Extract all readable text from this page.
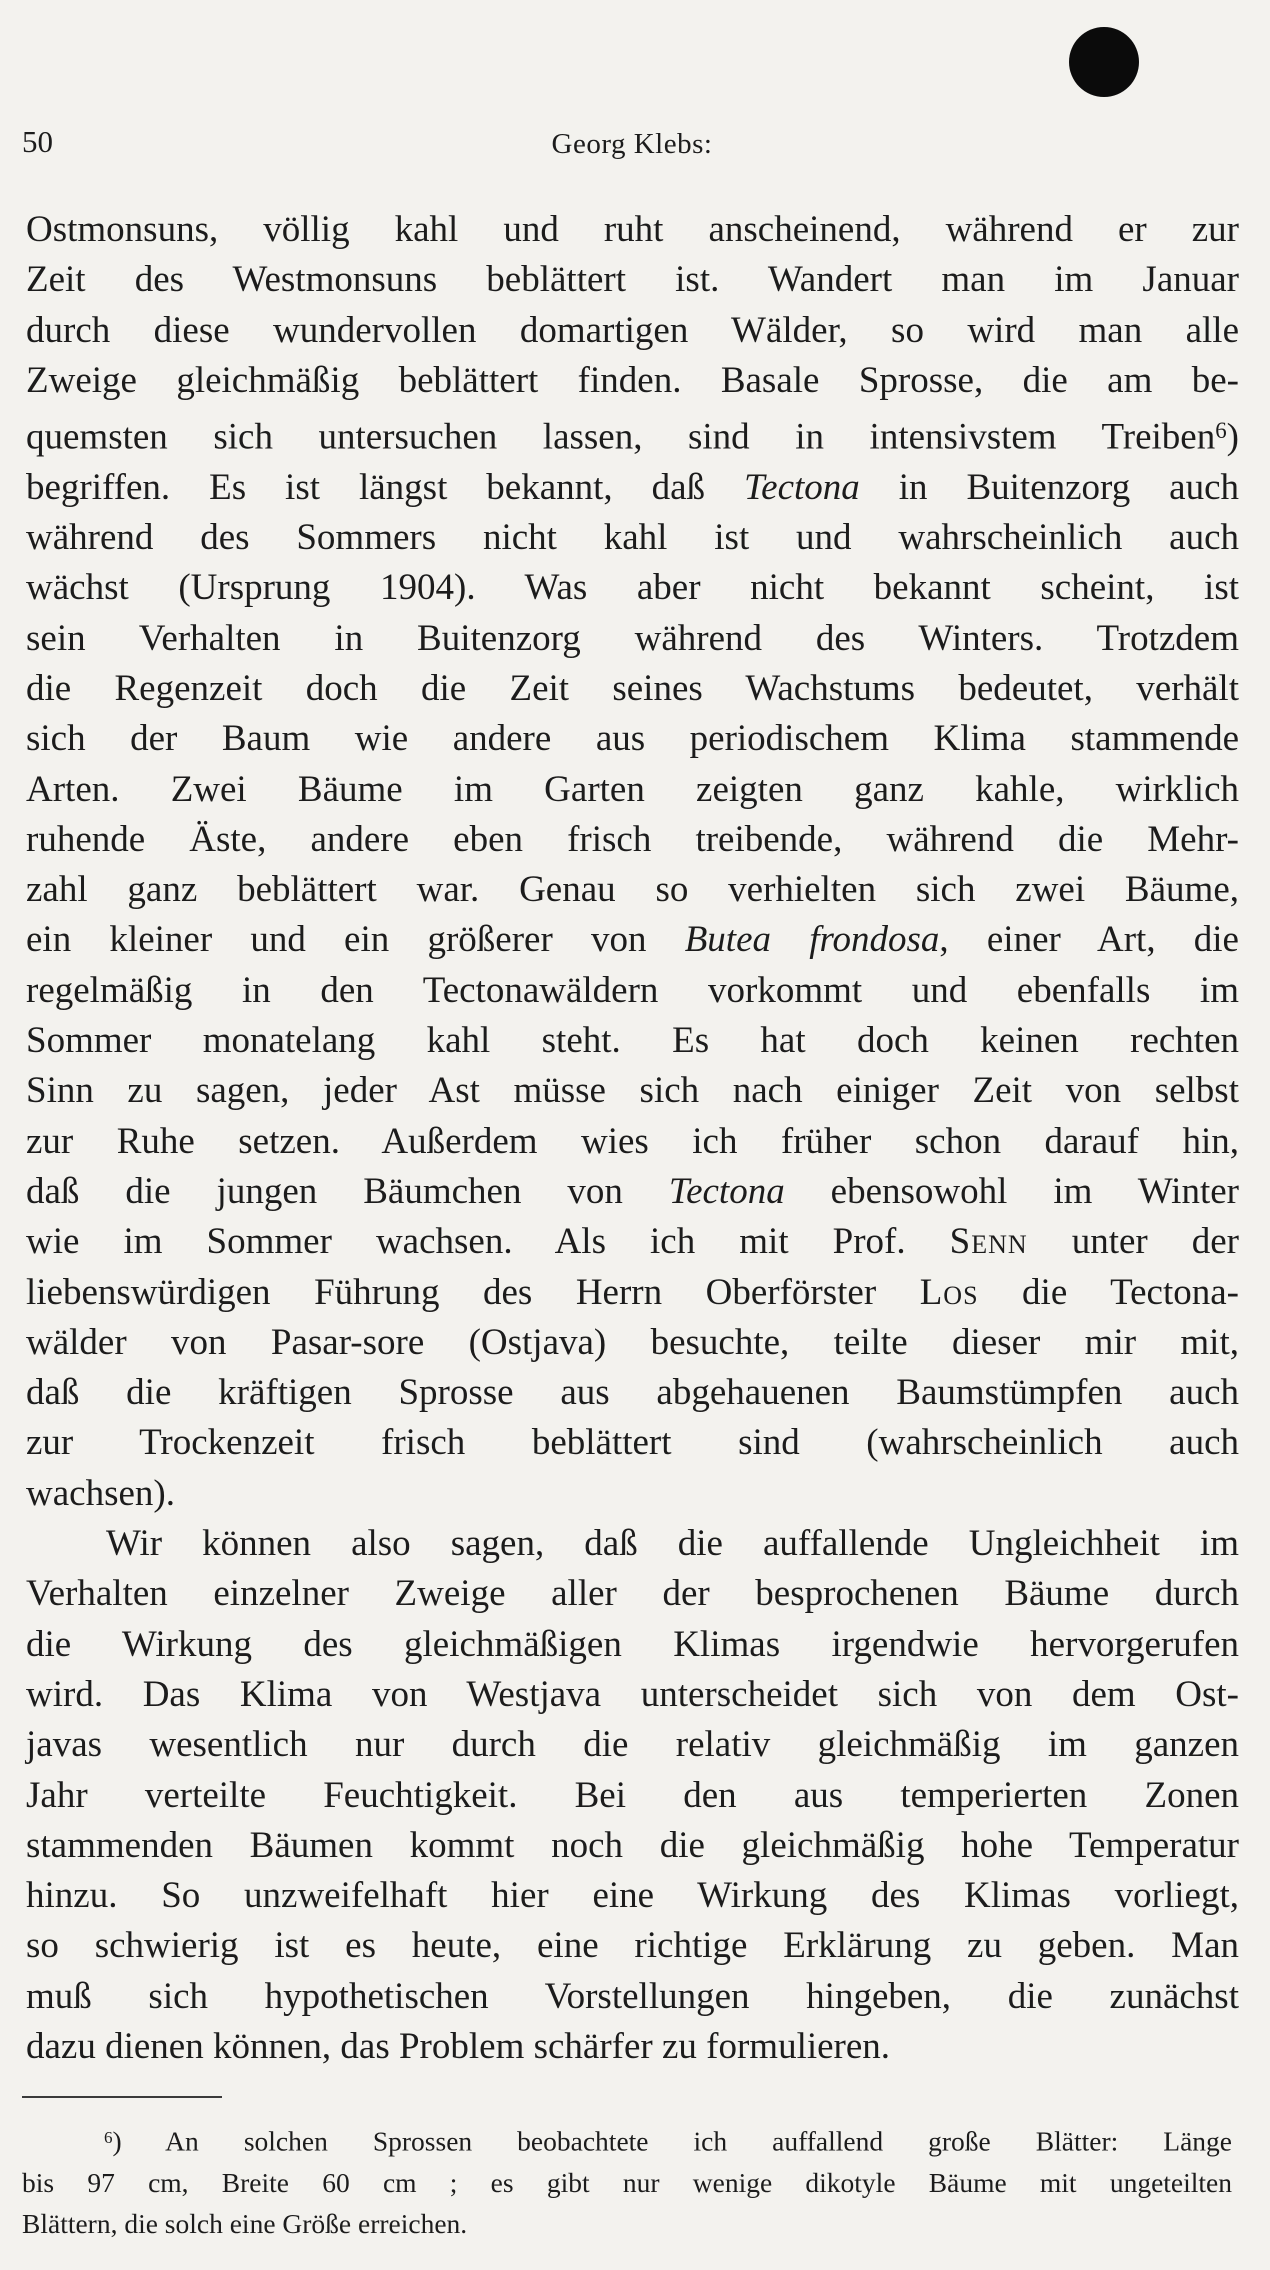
50	Georg Klebs:
Ostmonsuns, völlig kahl und ruht anscheinend, während er zur
Zeit des Westmonsuns beblättert ist. Wandert man im Januar
durch diese wundervollen domartigen Wälder, so wird man alle
Zweige gleichmäßig beblättert finden. Basale Sprosse, die am be-
quemsten sich untersuchen lassen, sind in intensivstem Treiben$^6$)
begriffen. Es ist längst bekannt, daß Tectona in Buitenzorg auch
während des Sommers nicht kahl ist und wahrscheinlich auch
wächst (Ursprung 1904). Was aber nicht bekannt scheint, ist
sein Verhalten in Buitenzorg während des Winters. Trotzdem
die Regenzeit doch die Zeit seines Wachstums bedeutet, verhält
sich der Baum wie andere aus periodischem Klima stammende
Arten. Zwei Bäume im Garten zeigten ganz kahle, wirklich
ruhende Äste, andere eben frisch treibende, während die Mehr-
zahl ganz beblättert war. Genau so verhielten sich zwei Bäume,
ein kleiner und ein größerer von Butea frondosa, einer Art, die
regelmäßig in den Tectonawäldern vorkommt und ebenfalls im
Sommer monatelang kahl steht. Es hat doch keinen rechten
Sinn zu sagen, jeder Ast müsse sich nach einiger Zeit von selbst
zur Ruhe setzen. Außerdem wies ich früher schon darauf hin,
daß die jungen Bäumchen von Tectona ebensowohl im Winter
wie im Sommer wachsen. Als ich mit Prof. Senn unter der
liebenswürdigen Führung des Herrn Oberförster Los die Tectona-
wälder von Pasar-sore (Ostjava) besuchte, teilte dieser mir mit,
daß die kräftigen Sprosse aus abgehauenen Baumstümpfen auch
zur Trockenzeit frisch beblättert sind (wahrscheinlich auch
wachsen).
Wir können also sagen, daß die auffallende Ungleichheit im
Verhalten einzelner Zweige aller der besprochenen Bäume durch
die Wirkung des gleichmäßigen Klimas irgendwie hervorgerufen
wird. Das Klima von Westjava unterscheidet sich von dem Ost-
javas wesentlich nur durch die relativ gleichmäßig im ganzen
Jahr verteilte Feuchtigkeit. Bei den aus temperierten Zonen
stammenden Bäumen kommt noch die gleichmäßig hohe Temperatur
hinzu. So unzweifelhaft hier eine Wirkung des Klimas vorliegt,
so schwierig ist es heute, eine richtige Erklärung zu geben. Man
muß sich hypothetischen Vorstellungen hingeben, die zunächst
dazu dienen können, das Problem schärfer zu formulieren.
$^6$) An solchen Sprossen beobachtete ich auffallend große Blätter: Länge
bis 97 cm, Breite 60 cm ; es gibt nur wenige dikotyle Bäume mit ungeteilten
Blättern, die solch eine Größe erreichen.
